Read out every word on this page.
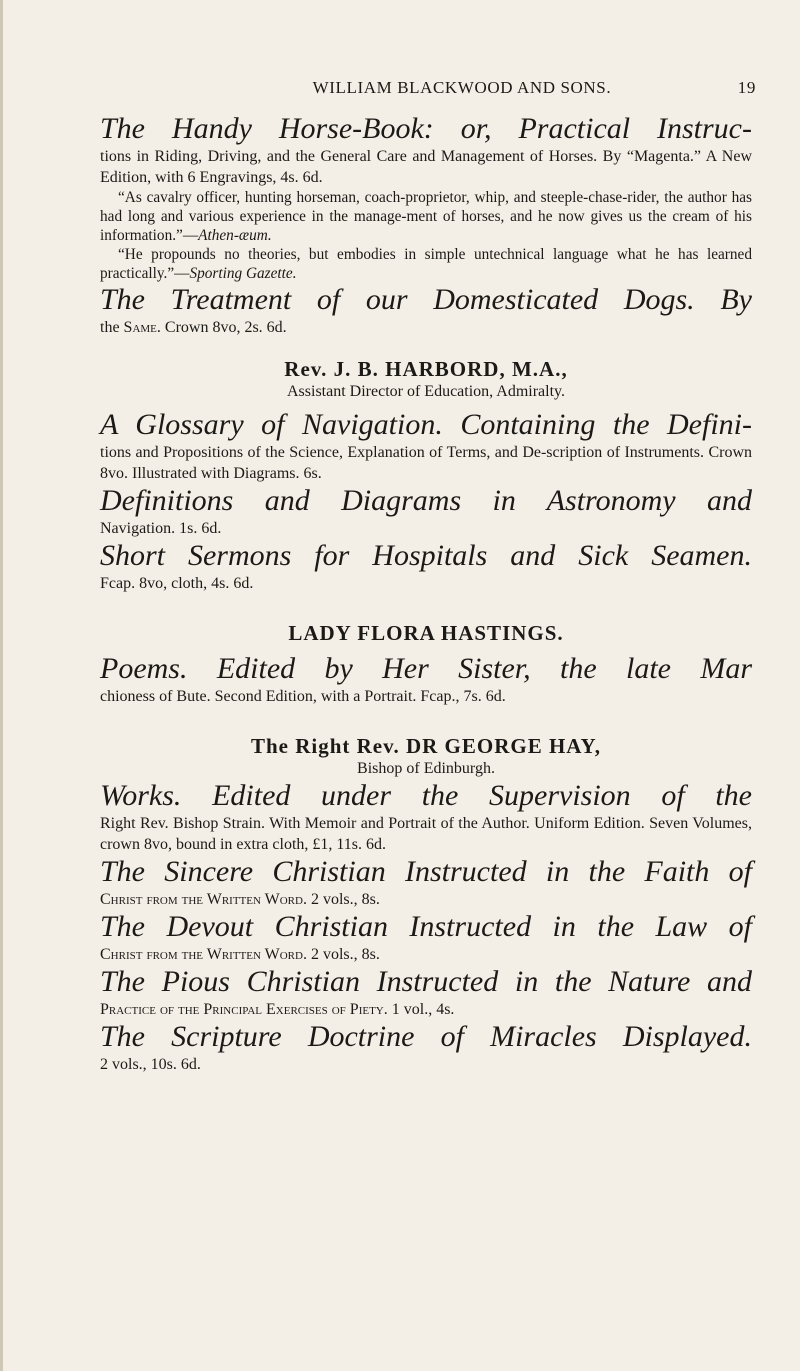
WILLIAM BLACKWOOD AND SONS.	19
The Handy Horse-Book: or, Practical Instruc-

tions in Riding, Driving, and the General Care and Management of Horses. By “Magenta.” A New Edition, with 6 Engravings, 4s. 6d.

“As cavalry officer, hunting horseman, coach-proprietor, whip, and steeple-chase-rider, the author has had long and various experience in the manage-ment of horses, and he now gives us the cream of his information.”—Athen-æum.

“He propounds no theories, but embodies in simple untechnical language what he has learned practically.”—Sporting Gazette.

The Treatment of our Domesticated Dogs. By

the Same. Crown 8vo, 2s. 6d.

Rev. J. B. HARBORD, M.A.,
Assistant Director of Education, Admiralty.
A Glossary of Navigation. Containing the Defini-

tions and Propositions of the Science, Explanation of Terms, and De-scription of Instruments. Crown 8vo. Illustrated with Diagrams. 6s.

Definitions and Diagrams in Astronomy and

Navigation. 1s. 6d.

Short Sermons for Hospitals and Sick Seamen.

Fcap. 8vo, cloth, 4s. 6d.

LADY FLORA HASTINGS.
Poems. Edited by Her Sister, the late Mar

chioness of Bute. Second Edition, with a Portrait. Fcap., 7s. 6d.

The Right Rev. DR GEORGE HAY,
Bishop of Edinburgh.
Works. Edited under the Supervision of the

Right Rev. Bishop Strain. With Memoir and Portrait of the Author. Uniform Edition. Seven Volumes, crown 8vo, bound in extra cloth, £1, 11s. 6d.

The Sincere Christian Instructed in the Faith of

Christ from the Written Word. 2 vols., 8s.

The Devout Christian Instructed in the Law of

Christ from the Written Word. 2 vols., 8s.

The Pious Christian Instructed in the Nature and

Practice of the Principal Exercises of Piety. 1 vol., 4s.

The Scripture Doctrine of Miracles Displayed.

2 vols., 10s. 6d.
